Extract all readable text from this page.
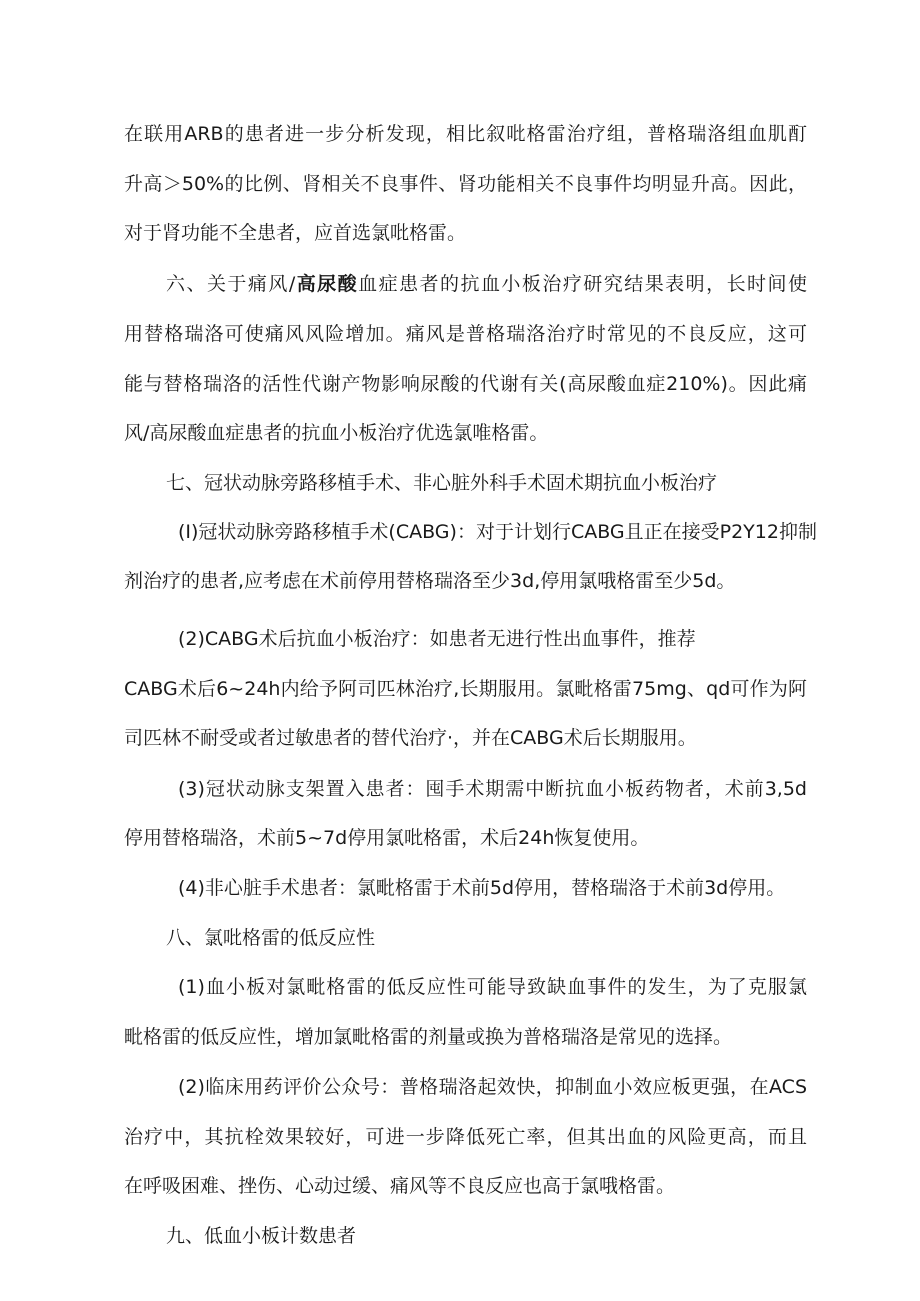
在联用ARB的患者进一步分析发现，相比叙吡格雷治疗组，普格瑞洛组血肌酊
升高＞50%的比例、肾相关不良事件、肾功能相关不良事件均明显升高。因此，
对于肾功能不全患者，应首选氯吡格雷。
六、关于痛风/高尿酸血症患者的抗血小板治疗研究结果表明，长时间使
用替格瑞洛可使痛风风险增加。痛风是普格瑞洛治疗时常见的不良反应，这可
能与替格瑞洛的活性代谢产物影响尿酸的代谢有关(高尿酸血症210%)。因此痛
风/高尿酸血症患者的抗血小板治疗优选氯唯格雷。
七、冠状动脉旁路移植手术、非心脏外科手术固术期抗血小板治疗
(I)冠状动脉旁路移植手术(CABG)：对于计划行CABG且正在接受P2Y12抑制
剂治疗的患者,应考虑在术前停用替格瑞洛至少3d,停用氯哦格雷至少5d。
(2)CABG术后抗血小板治疗：如患者无进行性出血事件，推荐
CABG术后6~24h内给予阿司匹林治疗,长期服用。氯毗格雷75mg、qd可作为阿
司匹林不耐受或者过敏患者的替代治疗·，并在CABG术后长期服用。
(3)冠状动脉支架置入患者：囤手术期需中断抗血小板药物者，术前3,5d
停用替格瑞洛，术前5~7d停用氯吡格雷，术后24h恢复使用。
(4)非心脏手术患者：氯毗格雷于术前5d停用，替格瑞洛于术前3d停用。
八、氯吡格雷的低反应性
(1)血小板对氯毗格雷的低反应性可能导致缺血事件的发生，为了克服氯
毗格雷的低反应性，增加氯毗格雷的剂量或换为普格瑞洛是常见的选择。
(2)临床用药评价公众号：普格瑞洛起效快，抑制血小效应板更强，在ACS
治疗中，其抗栓效果较好，可进一步降低死亡率，但其出血的风险更高，而且
在呼吸困难、挫伤、心动过缓、痛风等不良反应也高于氯哦格雷。
九、低血小板计数患者
